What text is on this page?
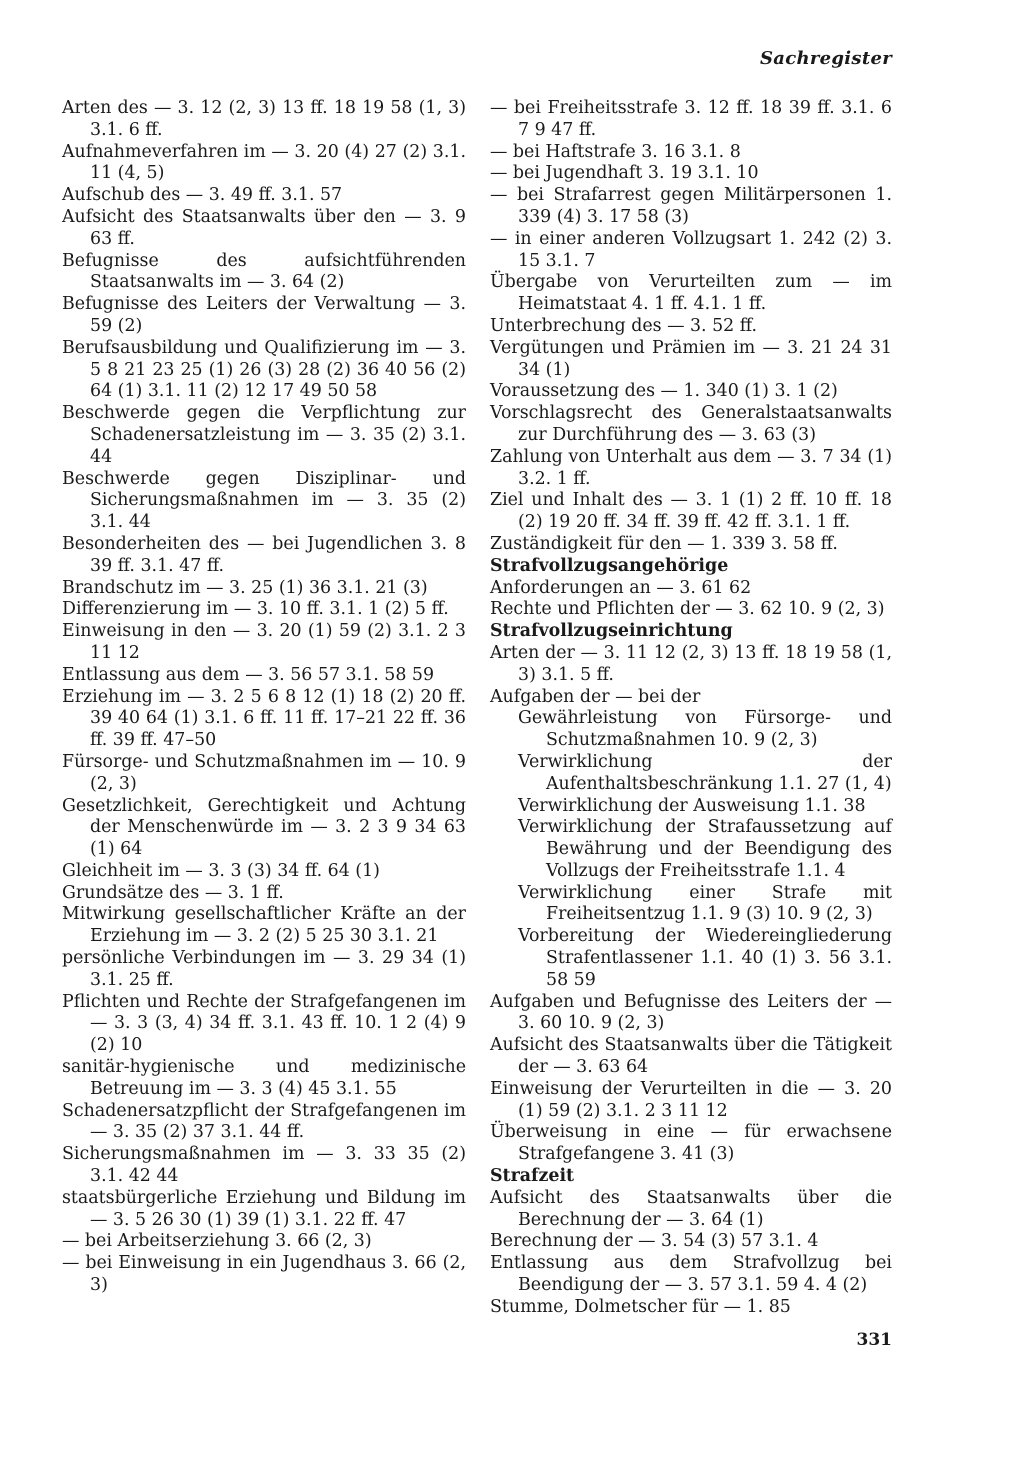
Sachregister

Arten des — 3. 12 (2, 3) 13 ff. 18 19 58 (1, 3) 3.1. 6 ff.

Aufnahmeverfahren im — 3. 20 (4) 27 (2) 3.1. 11 (4, 5)

Aufschub des — 3. 49 ff. 3.1. 57

Aufsicht des Staatsanwalts über den — 3. 9 63 ff.

Befugnisse des aufsichtführenden Staatsanwalts im — 3. 64 (2)

Befugnisse des Leiters der Verwaltung — 3. 59 (2)

Berufsausbildung und Qualifizierung im — 3. 5 8 21 23 25 (1) 26 (3) 28 (2) 36 40 56 (2) 64 (1) 3.1. 11 (2) 12 17 49 50 58

Beschwerde gegen die Verpflichtung zur Schadenersatzleistung im — 3. 35 (2) 3.1. 44

Beschwerde gegen Disziplinar- und Sicherungsmaßnahmen im — 3. 35 (2) 3.1. 44

Besonderheiten des — bei Jugendlichen 3. 8 39 ff. 3.1. 47 ff.

Brandschutz im — 3. 25 (1) 36 3.1. 21 (3)

Differenzierung im — 3. 10 ff. 3.1. 1 (2) 5 ff.

Einweisung in den — 3. 20 (1) 59 (2) 3.1. 2 3 11 12

Entlassung aus dem — 3. 56 57 3.1. 58 59

Erziehung im — 3. 2 5 6 8 12 (1) 18 (2) 20 ff. 39 40 64 (1) 3.1. 6 ff. 11 ff. 17–21 22 ff. 36 ff. 39 ff. 47–50

Fürsorge- und Schutzmaßnahmen im — 10. 9 (2, 3)

Gesetzlichkeit, Gerechtigkeit und Achtung der Menschenwürde im — 3. 2 3 9 34 63 (1) 64

Gleichheit im — 3. 3 (3) 34 ff. 64 (1)

Grundsätze des — 3. 1 ff.

Mitwirkung gesellschaftlicher Kräfte an der Erziehung im — 3. 2 (2) 5 25 30 3.1. 21

persönliche Verbindungen im — 3. 29 34 (1) 3.1. 25 ff.

Pflichten und Rechte der Strafgefangenen im — 3. 3 (3, 4) 34 ff. 3.1. 43 ff. 10. 1 2 (4) 9 (2) 10

sanitär-hygienische und medizinische Betreuung im — 3. 3 (4) 45 3.1. 55

Schadenersatzpflicht der Strafgefangenen im — 3. 35 (2) 37 3.1. 44 ff.

Sicherungsmaßnahmen im — 3. 33 35 (2) 3.1. 42 44

staatsbürgerliche Erziehung und Bildung im — 3. 5 26 30 (1) 39 (1) 3.1. 22 ff. 47

— bei Arbeitserziehung 3. 66 (2, 3)

— bei Einweisung in ein Jugendhaus 3. 66 (2, 3)

— bei Freiheitsstrafe 3. 12 ff. 18 39 ff. 3.1. 6 7 9 47 ff.

— bei Haftstrafe 3. 16 3.1. 8

— bei Jugendhaft 3. 19 3.1. 10

— bei Strafarrest gegen Militärpersonen 1. 339 (4) 3. 17 58 (3)

— in einer anderen Vollzugsart 1. 242 (2) 3. 15 3.1. 7

Übergabe von Verurteilten zum — im Heimatstaat 4. 1 ff. 4.1. 1 ff.

Unterbrechung des — 3. 52 ff.

Vergütungen und Prämien im — 3. 21 24 31 34 (1)

Voraussetzung des — 1. 340 (1) 3. 1 (2)

Vorschlagsrecht des Generalstaatsanwalts zur Durchführung des — 3. 63 (3)

Zahlung von Unterhalt aus dem — 3. 7 34 (1) 3.2. 1 ff.

Ziel und Inhalt des — 3. 1 (1) 2 ff. 10 ff. 18 (2) 19 20 ff. 34 ff. 39 ff. 42 ff. 3.1. 1 ff.

Zuständigkeit für den — 1. 339 3. 58 ff.

Strafvollzugsangehörige

Anforderungen an — 3. 61 62

Rechte und Pflichten der — 3. 62 10. 9 (2, 3)

Strafvollzugseinrichtung

Arten der — 3. 11 12 (2, 3) 13 ff. 18 19 58 (1, 3) 3.1. 5 ff.

Aufgaben der — bei der

Gewährleistung von Fürsorge- und Schutzmaßnahmen 10. 9 (2, 3)

Verwirklichung der Aufenthaltsbeschränkung 1.1. 27 (1, 4)

Verwirklichung der Ausweisung 1.1. 38

Verwirklichung der Strafaussetzung auf Bewährung und der Beendigung des Vollzugs der Freiheitsstrafe 1.1. 4

Verwirklichung einer Strafe mit Freiheitsentzug 1.1. 9 (3) 10. 9 (2, 3)

Vorbereitung der Wiedereingliederung Strafentlassener 1.1. 40 (1) 3. 56 3.1. 58 59

Aufgaben und Befugnisse des Leiters der — 3. 60 10. 9 (2, 3)

Aufsicht des Staatsanwalts über die Tätigkeit der — 3. 63 64

Einweisung der Verurteilten in die — 3. 20 (1) 59 (2) 3.1. 2 3 11 12

Überweisung in eine — für erwachsene Strafgefangene 3. 41 (3)

Strafzeit

Aufsicht des Staatsanwalts über die Berechnung der — 3. 64 (1)

Berechnung der — 3. 54 (3) 57 3.1. 4

Entlassung aus dem Strafvollzug bei Beendigung der — 3. 57 3.1. 59 4. 4 (2)

Stumme, Dolmetscher für — 1. 85

331
